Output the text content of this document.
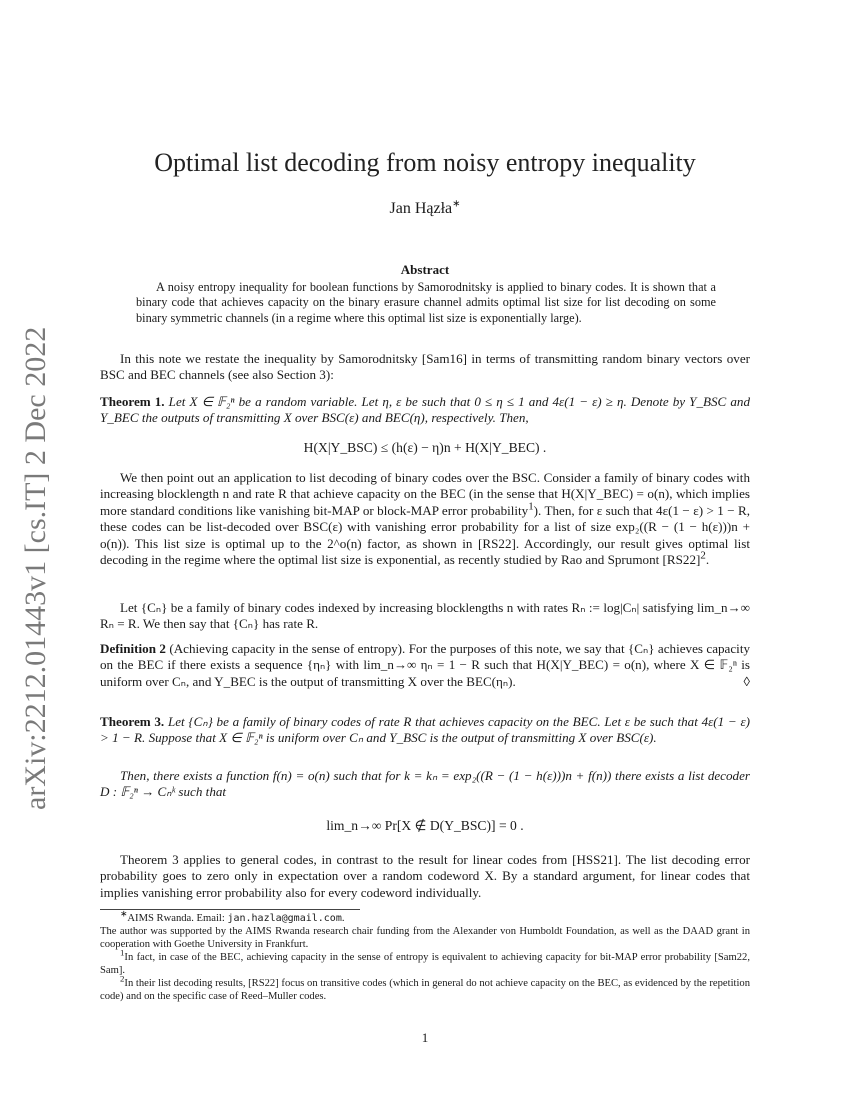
arXiv:2212.01443v1 [cs.IT] 2 Dec 2022
Optimal list decoding from noisy entropy inequality
Jan Hązła∗
Abstract
A noisy entropy inequality for boolean functions by Samorodnitsky is applied to binary codes. It is shown that a binary code that achieves capacity on the binary erasure channel admits optimal list size for list decoding on some binary symmetric channels (in a regime where this optimal list size is exponentially large).
In this note we restate the inequality by Samorodnitsky [Sam16] in terms of transmitting random binary vectors over BSC and BEC channels (see also Section 3):
Theorem 1. Let X ∈ 𝔽₂ⁿ be a random variable. Let η, ε be such that 0 ≤ η ≤ 1 and 4ε(1 − ε) ≥ η. Denote by Y_BSC and Y_BEC the outputs of transmitting X over BSC(ε) and BEC(η), respectively. Then,
H(X|Y_BSC) ≤ (h(ε) − η)n + H(X|Y_BEC) .
We then point out an application to list decoding of binary codes over the BSC. Consider a family of binary codes with increasing blocklength n and rate R that achieve capacity on the BEC (in the sense that H(X|Y_BEC) = o(n), which implies more standard conditions like vanishing bit-MAP or block-MAP error probability$^1$). Then, for ε such that 4ε(1 − ε) > 1 − R, these codes can be list-decoded over BSC(ε) with vanishing error probability for a list of size exp₂((R − (1 − h(ε)))n + o(n)). This list size is optimal up to the 2^o(n) factor, as shown in [RS22]. Accordingly, our result gives optimal list decoding in the regime where the optimal list size is exponential, as recently studied by Rao and Sprumont $[RS22]^2$.
Let {Cₙ} be a family of binary codes indexed by increasing blocklengths n with rates Rₙ := log|Cₙ| satisfying lim_n→∞ Rₙ = R. We then say that {Cₙ} has rate R.
Definition 2 (Achieving capacity in the sense of entropy). For the purposes of this note, we say that {Cₙ} achieves capacity on the BEC if there exists a sequence {ηₙ} with lim_n→∞ ηₙ = 1 − R such that H(X|Y_BEC) = o(n), where X ∈ 𝔽₂ⁿ is uniform over Cₙ, and Y_BEC is the output of transmitting X over the BEC(ηₙ).	◊
Theorem 3. Let {Cₙ} be a family of binary codes of rate R that achieves capacity on the BEC. Let ε be such that 4ε(1 − ε) > 1 − R. Suppose that X ∈ 𝔽₂ⁿ is uniform over Cₙ and Y_BSC is the output of transmitting X over BSC(ε).
Then, there exists a function f(n) = o(n) such that for k = kₙ = exp₂((R − (1 − h(ε)))n + f(n)) there exists a list decoder D : 𝔽₂ⁿ → Cₙᵏ such that
lim_n→∞ Pr[X ∉ D(Y_BSC)] = 0 .
Theorem 3 applies to general codes, in contrast to the result for linear codes from [HSS21]. The list decoding error probability goes to zero only in expectation over a random codeword X. By a standard argument, for linear codes that implies vanishing error probability also for every codeword individually.
∗AIMS Rwanda. Email: jan.hazla@gmail.com.
The author was supported by the AIMS Rwanda research chair funding from the Alexander von Humboldt Foundation, as well as the DAAD grant in cooperation with Goethe University in Frankfurt.
$^1$In fact, in case of the BEC, achieving capacity in the sense of entropy is equivalent to achieving capacity for bit-MAP error probability [Sam22, Sam].
$^2$In their list decoding results, [RS22] focus on transitive codes (which in general do not achieve capacity on the BEC, as evidenced by the repetition code) and on the specific case of Reed–Muller codes.
1
